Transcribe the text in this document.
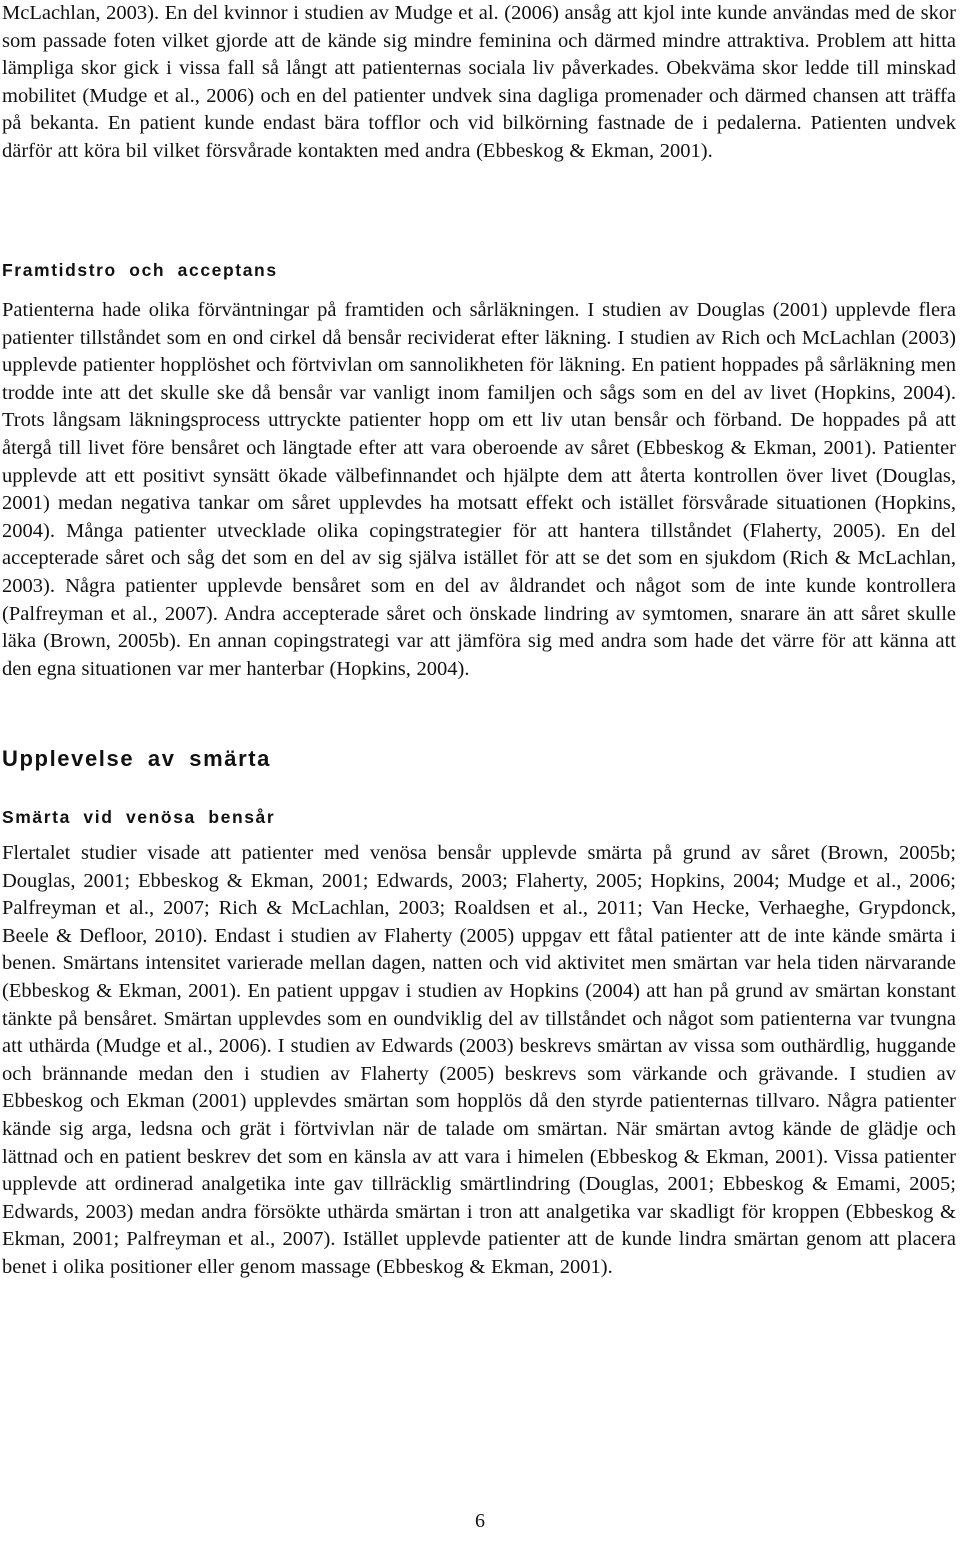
McLachlan, 2003). En del kvinnor i studien av Mudge et al. (2006) ansåg att kjol inte kunde användas med de skor som passade foten vilket gjorde att de kände sig mindre feminina och därmed mindre attraktiva. Problem att hitta lämpliga skor gick i vissa fall så långt att patienternas sociala liv påverkades. Obekväma skor ledde till minskad mobilitet (Mudge et al., 2006) och en del patienter undvek sina dagliga promenader och därmed chansen att träffa på bekanta. En patient kunde endast bära tofflor och vid bilkörning fastnade de i pedalerna. Patienten undvek därför att köra bil vilket försvårade kontakten med andra (Ebbeskog & Ekman, 2001).

Framtidstro och acceptans

Patienterna hade olika förväntningar på framtiden och sårläkningen. I studien av Douglas (2001) upplevde flera patienter tillståndet som en ond cirkel då bensår recividerat efter läkning. I studien av Rich och McLachlan (2003) upplevde patienter hopplöshet och förtvivlan om sannolikheten för läkning. En patient hoppades på sårläkning men trodde inte att det skulle ske då bensår var vanligt inom familjen och sågs som en del av livet (Hopkins, 2004). Trots långsam läkningsprocess uttryckte patienter hopp om ett liv utan bensår och förband. De hoppades på att återgå till livet före bensåret och längtade efter att vara oberoende av såret (Ebbeskog & Ekman, 2001). Patienter upplevde att ett positivt synsätt ökade välbefinnandet och hjälpte dem att återta kontrollen över livet (Douglas, 2001) medan negativa tankar om såret upplevdes ha motsatt effekt och istället försvårade situationen (Hopkins, 2004). Många patienter utvecklade olika copingstrategier för att hantera tillståndet (Flaherty, 2005). En del accepterade såret och såg det som en del av sig själva istället för att se det som en sjukdom (Rich & McLachlan, 2003). Några patienter upplevde bensåret som en del av åldrandet och något som de inte kunde kontrollera (Palfreyman et al., 2007). Andra accepterade såret och önskade lindring av symtomen, snarare än att såret skulle läka (Brown, 2005b). En annan copingstrategi var att jämföra sig med andra som hade det värre för att känna att den egna situationen var mer hanterbar (Hopkins, 2004).

Upplevelse av smärta
Smärta vid venösa bensår

Flertalet studier visade att patienter med venösa bensår upplevde smärta på grund av såret (Brown, 2005b; Douglas, 2001; Ebbeskog & Ekman, 2001; Edwards, 2003; Flaherty, 2005; Hopkins, 2004; Mudge et al., 2006; Palfreyman et al., 2007; Rich & McLachlan, 2003; Roaldsen et al., 2011; Van Hecke, Verhaeghe, Grypdonck, Beele & Defloor, 2010). Endast i studien av Flaherty (2005) uppgav ett fåtal patienter att de inte kände smärta i benen. Smärtans intensitet varierade mellan dagen, natten och vid aktivitet men smärtan var hela tiden närvarande (Ebbeskog & Ekman, 2001). En patient uppgav i studien av Hopkins (2004) att han på grund av smärtan konstant tänkte på bensåret. Smärtan upplevdes som en oundviklig del av tillståndet och något som patienterna var tvungna att uthärda (Mudge et al., 2006). I studien av Edwards (2003) beskrevs smärtan av vissa som outhärdlig, huggande och brännande medan den i studien av Flaherty (2005) beskrevs som värkande och grävande. I studien av Ebbeskog och Ekman (2001) upplevdes smärtan som hopplös då den styrde patienternas tillvaro. Några patienter kände sig arga, ledsna och grät i förtvivlan när de talade om smärtan. När smärtan avtog kände de glädje och lättnad och en patient beskrev det som en känsla av att vara i himelen (Ebbeskog & Ekman, 2001). Vissa patienter upplevde att ordinerad analgetika inte gav tillräcklig smärtlindring (Douglas, 2001; Ebbeskog & Emami, 2005; Edwards, 2003) medan andra försökte uthärda smärtan i tron att analgetika var skadligt för kroppen (Ebbeskog & Ekman, 2001; Palfreyman et al., 2007). Istället upplevde patienter att de kunde lindra smärtan genom att placera benet i olika positioner eller genom massage (Ebbeskog & Ekman, 2001).

6
